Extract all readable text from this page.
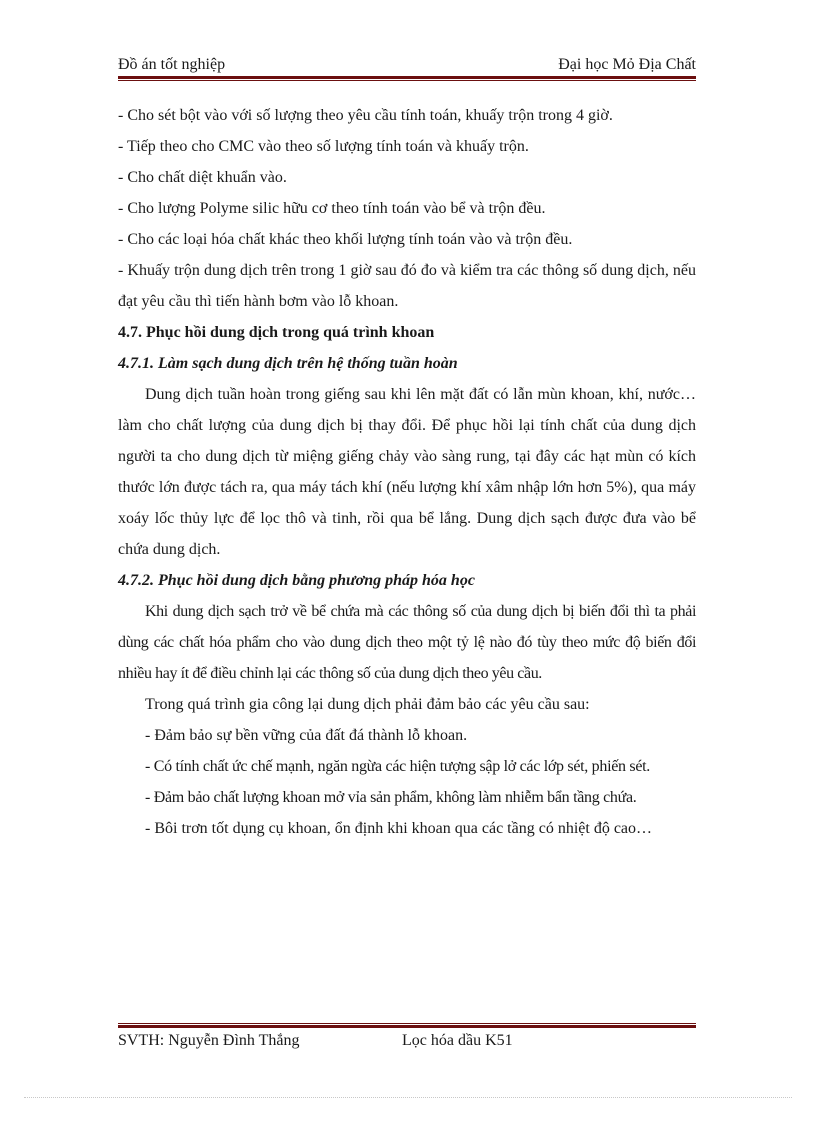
Đồ án tốt nghiệp	Đại học Mỏ Địa Chất

- Cho sét bột vào với số lượng theo yêu cầu tính toán, khuấy trộn trong 4 giờ.

- Tiếp theo cho CMC vào theo số lượng tính toán và khuấy trộn.

- Cho chất diệt khuẩn vào.

- Cho lượng Polyme silic hữu cơ theo tính toán vào bể và trộn đều.

- Cho các loại hóa chất khác theo khối lượng tính toán vào và trộn đều.

- Khuấy trộn dung dịch trên trong 1 giờ sau đó đo và kiểm tra các thông số dung dịch, nếu đạt yêu cầu thì tiến hành bơm vào lỗ khoan.

4.7. Phục hồi dung dịch trong quá trình khoan

4.7.1. Làm sạch dung dịch trên hệ thống tuần hoàn

Dung dịch tuần hoàn trong giếng sau khi lên mặt đất có lẫn mùn khoan, khí, nước… làm cho chất lượng của dung dịch bị thay đổi. Để phục hồi lại tính chất của dung dịch người ta cho dung dịch từ miệng giếng chảy vào sàng rung, tại đây các hạt mùn có kích thước lớn được tách ra, qua máy tách khí (nếu lượng khí xâm nhập lớn hơn 5%), qua máy xoáy lốc thủy lực để lọc thô và tinh, rồi qua bể lắng. Dung dịch sạch được đưa vào bể chứa dung dịch.

4.7.2. Phục hồi dung dịch bằng phương pháp hóa học

Khi dung dịch sạch trở về bể chứa mà các thông số của dung dịch bị biến đổi thì ta phải dùng các chất hóa phẩm cho vào dung dịch theo một tỷ lệ nào đó tùy theo mức độ biến đổi nhiều hay ít để điều chỉnh lại các thông số của dung dịch theo yêu cầu.

Trong quá trình gia công lại dung dịch phải đảm bảo các yêu cầu sau:

- Đảm bảo sự bền vững của đất đá thành lỗ khoan.

- Có tính chất ức chế mạnh, ngăn ngừa các hiện tượng sập lở các lớp sét, phiến sét.

- Đảm bảo chất lượng khoan mở vỉa sản phẩm, không làm nhiễm bẩn tầng chứa.

- Bôi trơn tốt dụng cụ khoan, ổn định khi khoan qua các tầng có nhiệt độ cao…

SVTH: Nguyễn Đình Thắng	Lọc hóa dầu K51
